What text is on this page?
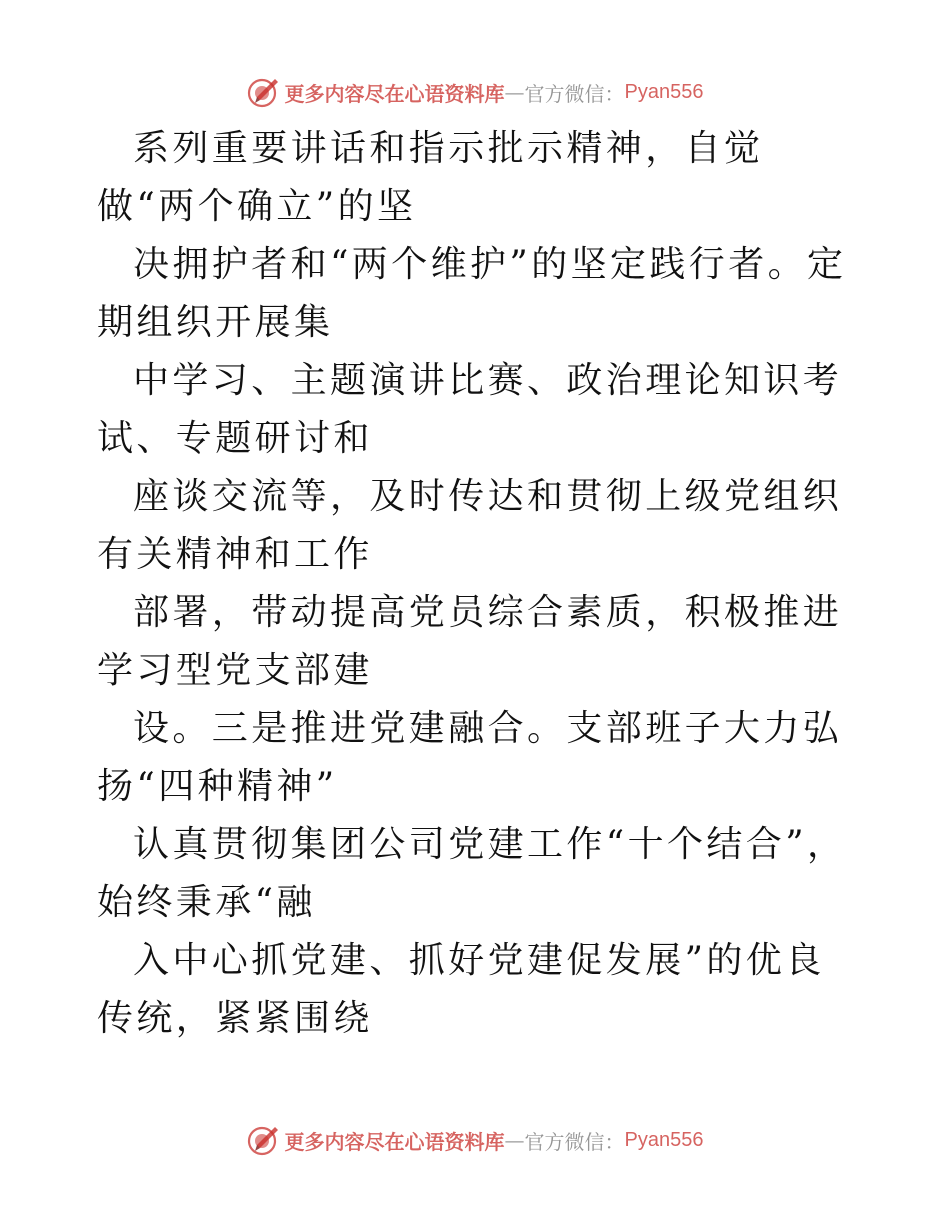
更多内容尽在心语资料库 — 官方微信： Pyan556

系列重要讲话和指示批示精神，自觉做“两个确立”的坚

决拥护者和“两个维护”的坚定践行者。定期组织开展集

中学习、主题演讲比赛、政治理论知识考试、专题研讨和

座谈交流等，及时传达和贯彻上级党组织有关精神和工作

部署，带动提高党员综合素质，积极推进学习型党支部建

设。三是推进党建融合。支部班子大力弘扬“四种精神”

认真贯彻集团公司党建工作“十个结合”，始终秉承“融

入中心抓党建、抓好党建促发展”的优良传统，紧紧围绕

更多内容尽在心语资料库 — 官方微信： Pyan556
